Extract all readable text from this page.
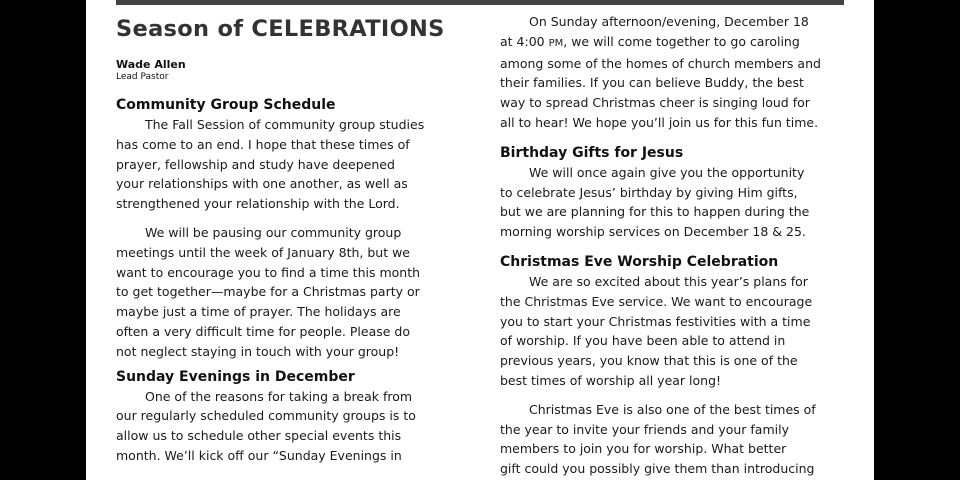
Season of CELEBRATIONS
Wade Allen
Lead Pastor
Community Group Schedule

The Fall Session of community group studies
has come to an end. I hope that these times of
prayer, fellowship and study have deepened
your relationships with one another, as well as
strengthened your relationship with the Lord.

We will be pausing our community group
meetings until the week of January 8th, but we
want to encourage you to find a time this month
to get together—maybe for a Christmas party or
maybe just a time of prayer. The holidays are
often a very difficult time for people. Please do
not neglect staying in touch with your group!

Sunday Evenings in December

One of the reasons for taking a break from
our regularly scheduled community groups is to
allow us to schedule other special events this
month. We’ll kick off our “Sunday Evenings in

On Sunday afternoon/evening, December 18
at 4:00 PM, we will come together to go caroling
among some of the homes of church members and
their families. If you can believe Buddy, the best
way to spread Christmas cheer is singing loud for
all to hear! We hope you’ll join us for this fun time.

Birthday Gifts for Jesus

We will once again give you the opportunity
to celebrate Jesus’ birthday by giving Him gifts,
but we are planning for this to happen during the
morning worship services on December 18 & 25.

Christmas Eve Worship Celebration

We are so excited about this year’s plans for
the Christmas Eve service. We want to encourage
you to start your Christmas festivities with a time
of worship. If you have been able to attend in
previous years, you know that this is one of the
best times of worship all year long!

Christmas Eve is also one of the best times of
the year to invite your friends and your family
members to join you for worship. What better
gift could you possibly give them than introducing
